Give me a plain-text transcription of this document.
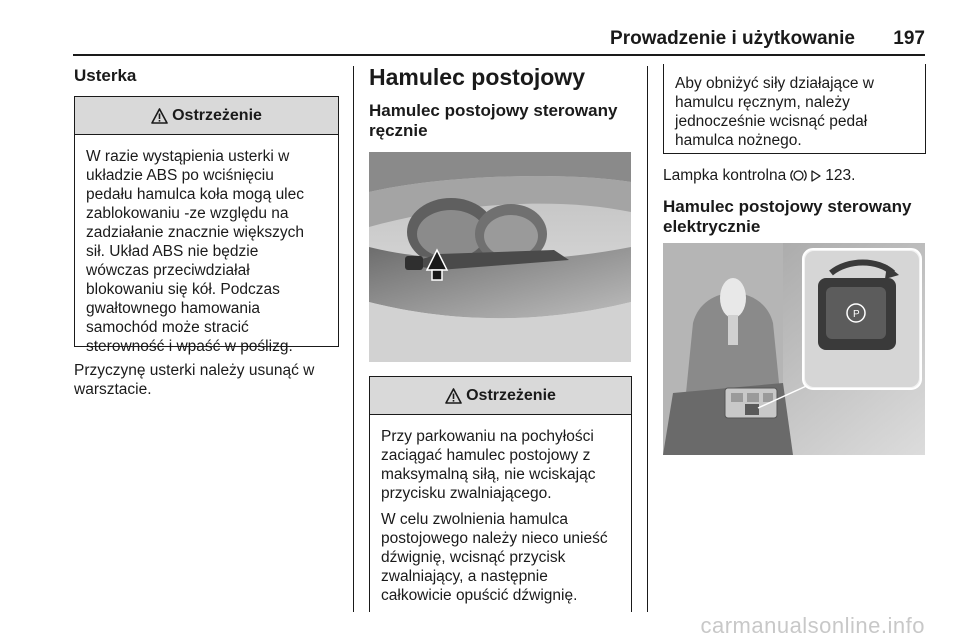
Prowadzenie i użytkowanie 197
Usterka
Ostrzeżenie
W razie wystąpienia usterki w
układzie ABS po wciśnięciu
pedału hamulca koła mogą ulec
zablokowaniu -ze względu na
zadziałanie znacznie większych
sił. Układ ABS nie będzie
wówczas przeciwdziałał
blokowaniu się kół. Podczas
gwałtownego hamowania
samochód może stracić
sterowność i wpaść w poślizg.
Przyczynę usterki należy usunąć w
warsztacie.
Hamulec postojowy
Hamulec postojowy sterowany
ręcznie
Ostrzeżenie

Przy parkowaniu na pochyłości
zaciągać hamulec postojowy z
maksymalną siłą, nie wciskając
przycisku zwalniającego.

W celu zwolnienia hamulca
postojowego należy nieco unieść
dźwignię, wcisnąć przycisk
zwalniający, a następnie
całkowicie opuścić dźwignię.

Aby obniżyć siły działające w
hamulcu ręcznym, należy
jednocześnie wcisnąć pedał
hamulca nożnego.
Lampka kontrolna	123.
Hamulec postojowy sterowany
elektrycznie
P
carmanualsonline.info
